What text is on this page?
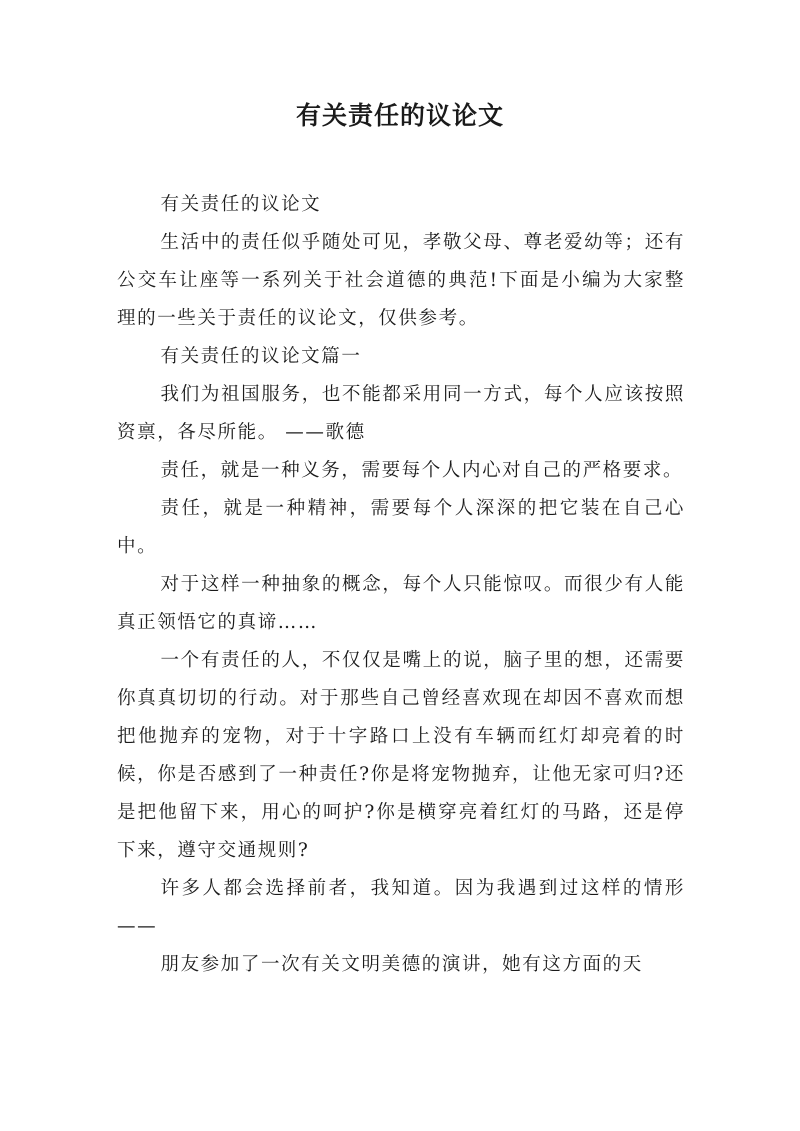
有关责任的议论文

有关责任的议论文

生活中的责任似乎随处可见，孝敬父母、尊老爱幼等；还有公交车让座等一系列关于社会道德的典范!下面是小编为大家整理的一些关于责任的议论文，仅供参考。

有关责任的议论文篇一

我们为祖国服务，也不能都采用同一方式，每个人应该按照资禀，各尽所能。 ——歌德

责任，就是一种义务，需要每个人内心对自己的严格要求。

责任，就是一种精神，需要每个人深深的把它装在自己心中。

对于这样一种抽象的概念，每个人只能惊叹。而很少有人能真正领悟它的真谛……

一个有责任的人，不仅仅是嘴上的说，脑子里的想，还需要你真真切切的行动。对于那些自己曾经喜欢现在却因不喜欢而想把他抛弃的宠物，对于十字路口上没有车辆而红灯却亮着的时候，你是否感到了一种责任?你是将宠物抛弃，让他无家可归?还是把他留下来，用心的呵护?你是横穿亮着红灯的马路，还是停下来，遵守交通规则?

许多人都会选择前者，我知道。因为我遇到过这样的情形——

朋友参加了一次有关文明美德的演讲，她有这方面的天
